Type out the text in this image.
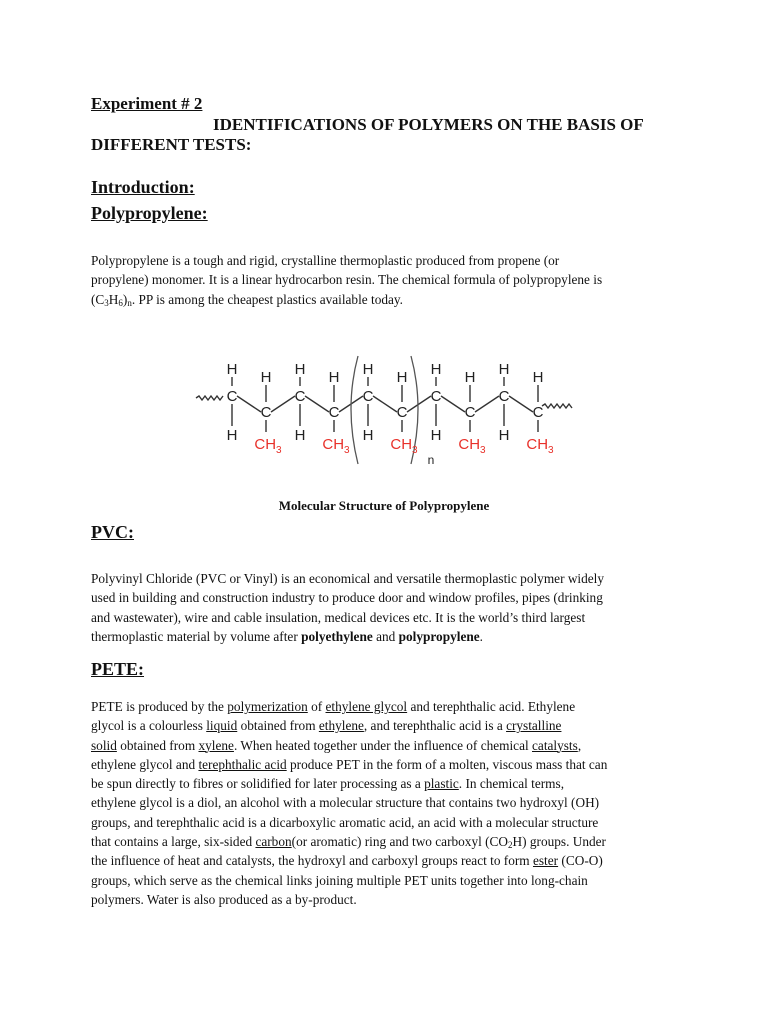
Experiment # 2
IDENTIFICATIONS OF POLYMERS ON THE BASIS OF
DIFFERENT TESTS:
Introduction:
Polypropylene:
Polypropylene is a tough and rigid, crystalline thermoplastic produced from propene (or
propylene) monomer. It is a linear hydrocarbon resin. The chemical formula of polypropylene is
$(C_3H_6)_n$. PP is among the cheapest plastics available today.
C
H
H
C
H
$CH_3$
C
H
H
C
H
$CH_3$
C
H
H
C
H
$CH_3$
C
H
H
C
H
$CH_3$
C
H
H
C
H
$CH_3$
n
Molecular Structure of Polypropylene
PVC:
Polyvinyl Chloride (PVC or Vinyl) is an economical and versatile thermoplastic polymer widely
used in building and construction industry to produce door and window profiles, pipes (drinking
and wastewater), wire and cable insulation, medical devices etc. It is the world’s third largest
thermoplastic material by volume after polyethylene and polypropylene.
PETE:
PETE is produced by the polymerization of ethylene glycol and terephthalic acid. Ethylene
glycol is a colourless liquid obtained from ethylene, and terephthalic acid is a crystalline
solid obtained from xylene. When heated together under the influence of chemical catalysts,
ethylene glycol and terephthalic acid produce PET in the form of a molten, viscous mass that can
be spun directly to fibres or solidified for later processing as a plastic. In chemical terms,
ethylene glycol is a diol, an alcohol with a molecular structure that contains two hydroxyl (OH)
groups, and terephthalic acid is a dicarboxylic aromatic acid, an acid with a molecular structure
that contains a large, six-sided carbon(or aromatic) ring and two carboxyl $(CO_2H)$ groups. Under
the influence of heat and catalysts, the hydroxyl and carboxyl groups react to form ester (CO-O)
groups, which serve as the chemical links joining multiple PET units together into long-chain
polymers. Water is also produced as a by-product.
